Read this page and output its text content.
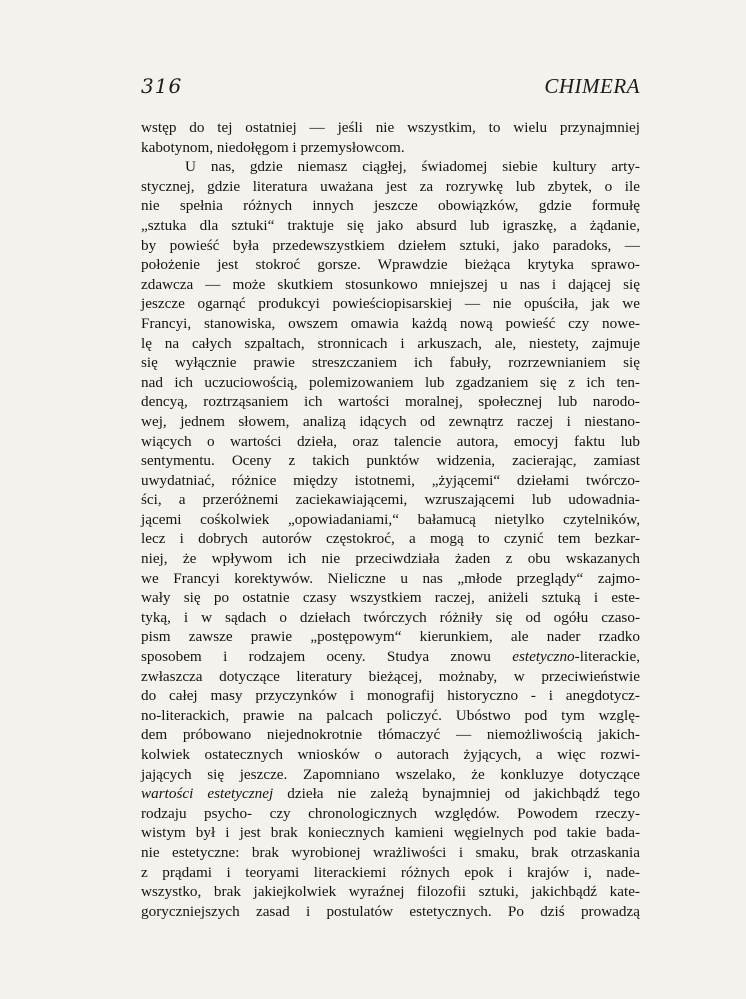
316	CHIMERA
wstęp do tej ostatniej — jeśli nie wszystkim, to wielu przynajmniej
kabotynom, niedołęgom i przemysłowcom.
U nas, gdzie niemasz ciągłej, świadomej siebie kultury arty-
stycznej, gdzie literatura uważana jest za rozrywkę lub zbytek, o ile
nie spełnia różnych innych jeszcze obowiązków, gdzie formułę
„sztuka dla sztuki“ traktuje się jako absurd lub igraszkę, a żądanie,
by powieść była przedewszystkiem dziełem sztuki, jako paradoks, —
położenie jest stokroć gorsze. Wprawdzie bieżąca krytyka sprawo-
zdawcza — może skutkiem stosunkowo mniejszej u nas i dającej się
jeszcze ogarnąć produkcyi powieściopisarskiej — nie opuściła, jak we
Francyi, stanowiska, owszem omawia każdą nową powieść czy nowe-
lę na całych szpaltach, stronnicach i arkuszach, ale, niestety, zajmuje
się wyłącznie prawie streszczaniem ich fabuły, rozrzewnianiem się
nad ich uczuciowością, polemizowaniem lub zgadzaniem się z ich ten-
dencyą, roztrząsaniem ich wartości moralnej, społecznej lub narodo-
wej, jednem słowem, analizą idących od zewnątrz raczej i niestano-
wiących o wartości dzieła, oraz talencie autora, emocyj faktu lub
sentymentu. Oceny z takich punktów widzenia, zacierając, zamiast
uwydatniać, różnice między istotnemi, „żyjącemi“ dziełami twórczo-
ści, a przeróżnemi zaciekawiającemi, wzruszającemi lub udowadnia-
jącemi cośkolwiek „opowiadaniami,“ bałamucą nietylko czytelników,
lecz i dobrych autorów częstokroć, a mogą to czynić tem bezkar-
niej, że wpływom ich nie przeciwdziała żaden z obu wskazanych
we Francyi korektywów. Nieliczne u nas „młode przeglądy“ zajmo-
wały się po ostatnie czasy wszystkiem raczej, aniżeli sztuką i este-
tyką, i w sądach o dziełach twórczych różniły się od ogółu czaso-
pism zawsze prawie „postępowym“ kierunkiem, ale nader rzadko
sposobem i rodzajem oceny. Studya znowu estetyczno-literackie,
zwłaszcza dotyczące literatury bieżącej, możnaby, w przeciwieństwie
do całej masy przyczynków i monografij historyczno - i anegdotycz-
no-literackich, prawie na palcach policzyć. Ubóstwo pod tym wzglę-
dem próbowano niejednokrotnie tłómaczyć — niemożliwością jakich-
kolwiek ostatecznych wniosków o autorach żyjących, a więc rozwi-
jających się jeszcze. Zapomniano wszelako, że konkluzye dotyczące
wartości estetycznej dzieła nie zależą bynajmniej od jakichbądź tego
rodzaju psycho- czy chronologicznych względów. Powodem rzeczy-
wistym był i jest brak koniecznych kamieni węgielnych pod takie bada-
nie estetyczne: brak wyrobionej wrażliwości i smaku, brak otrzaskania
z prądami i teoryami literackiemi różnych epok i krajów i, nade-
wszystko, brak jakiejkolwiek wyraźnej filozofii sztuki, jakichbądź kate-
goryczniejszych zasad i postulatów estetycznych. Po dziś prowadzą
